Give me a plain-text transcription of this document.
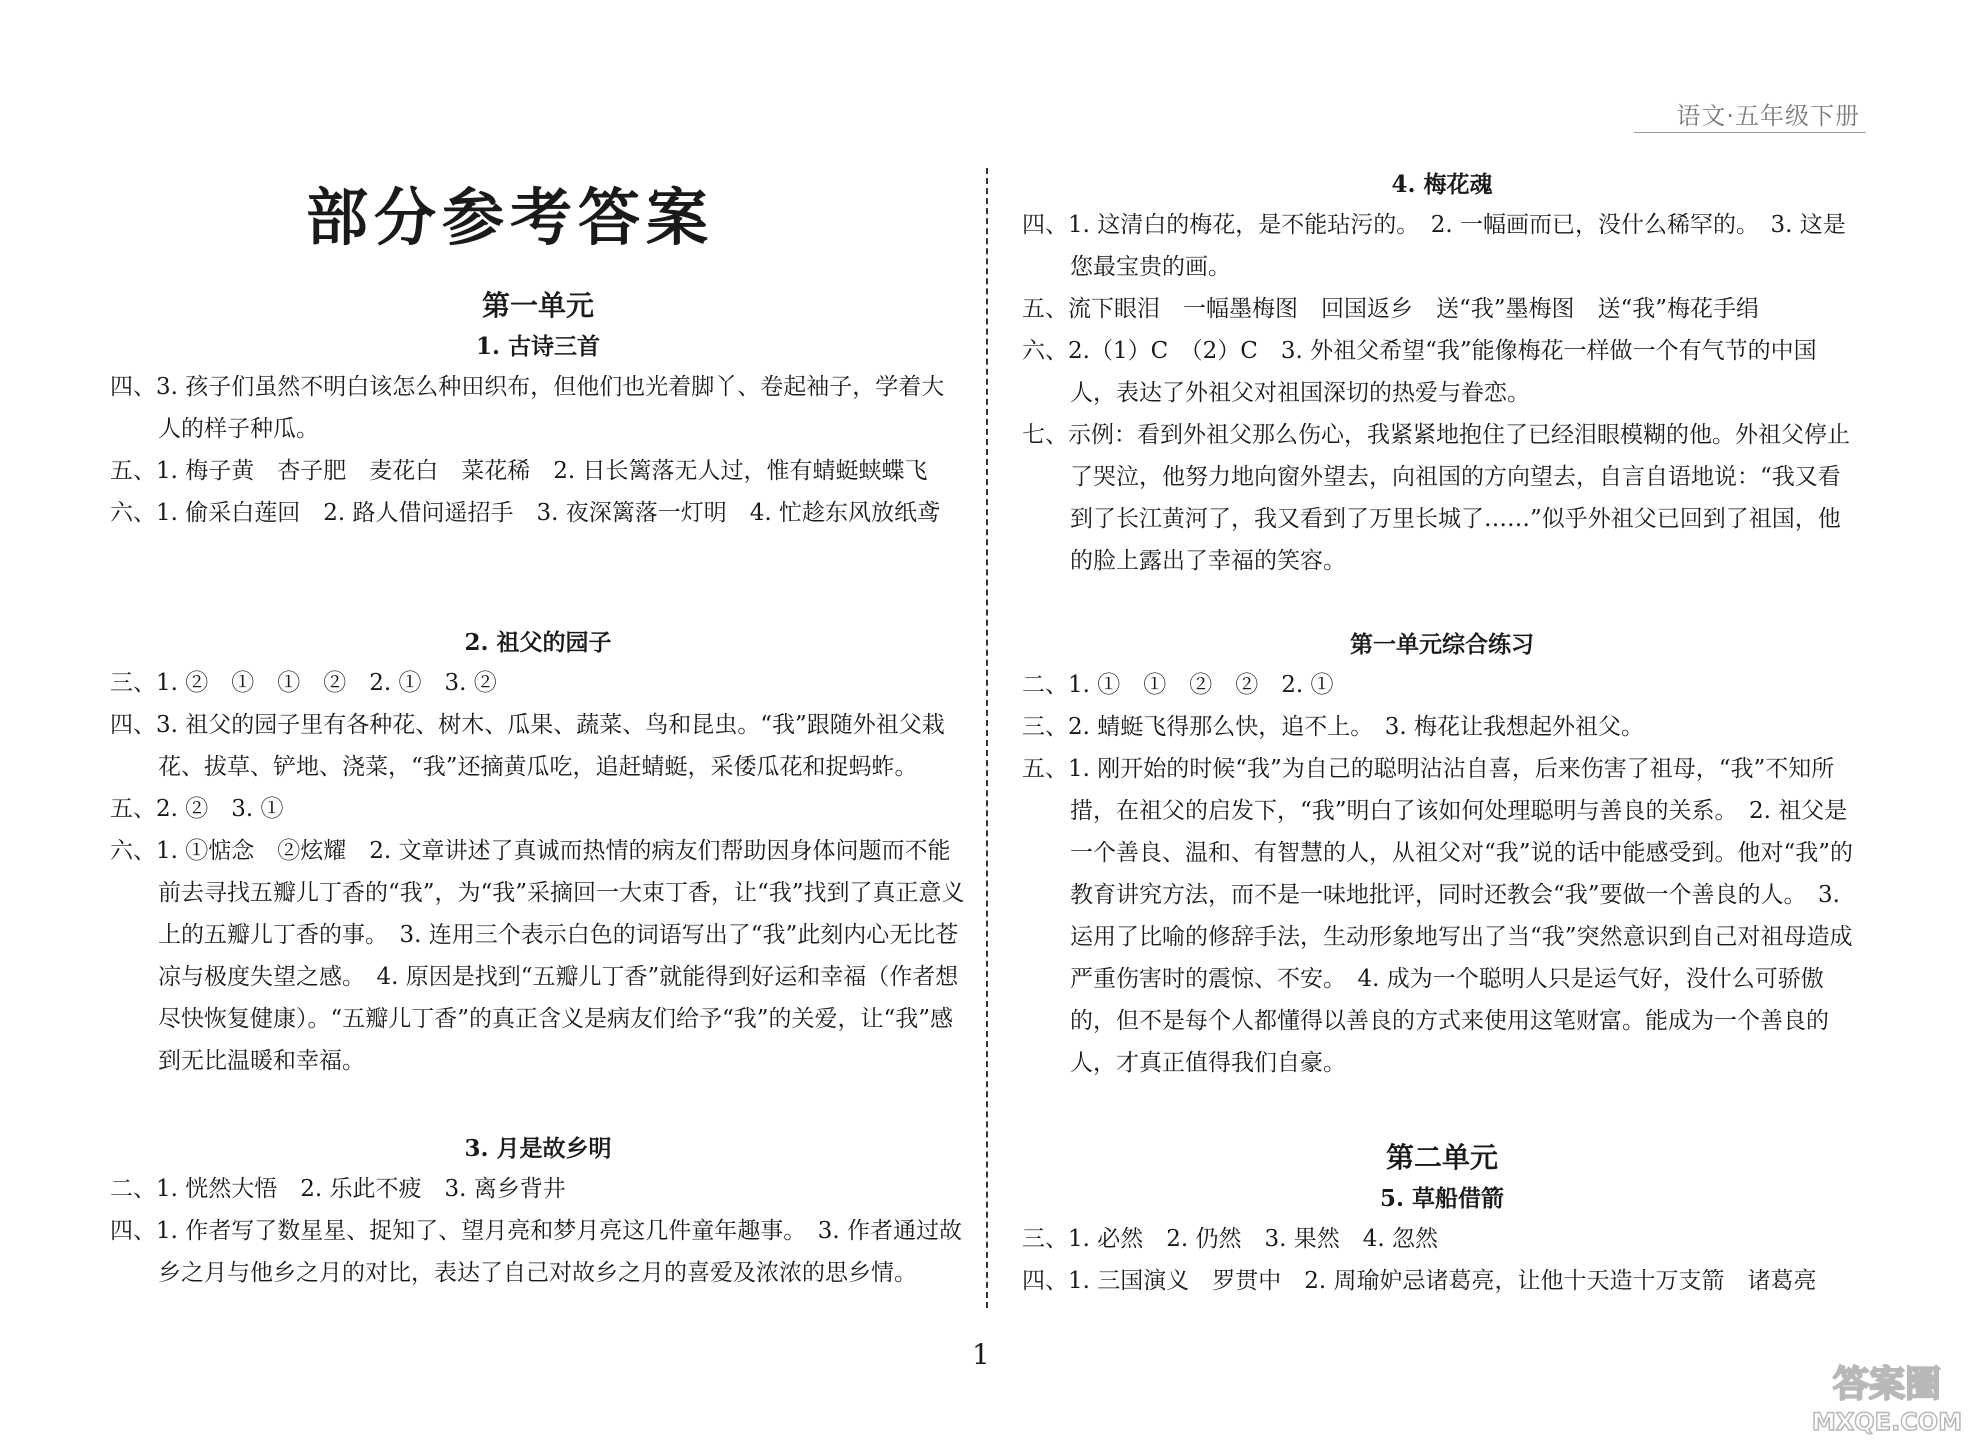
语文·五年级下册
部分参考答案
第一单元
1. 古诗三首

四、3. 孩子们虽然不明白该怎么种田织布，但他们也光着脚丫、卷起袖子，学着大人的样子种瓜。

五、1. 梅子黄　杏子肥　麦花白　菜花稀　2. 日长篱落无人过，惟有蜻蜓蛱蝶飞

六、1. 偷采白莲回　2. 路人借问遥招手　3. 夜深篱落一灯明　4. 忙趁东风放纸鸢

2. 祖父的园子

三、1. ②　①　①　②　2. ①　3. ②

四、3. 祖父的园子里有各种花、树木、瓜果、蔬菜、鸟和昆虫。“我”跟随外祖父栽花、拔草、铲地、浇菜，“我”还摘黄瓜吃，追赶蜻蜓，采倭瓜花和捉蚂蚱。

五、2. ②　3. ①

六、1. ①惦念　②炫耀　2. 文章讲述了真诚而热情的病友们帮助因身体问题而不能前去寻找五瓣儿丁香的“我”，为“我”采摘回一大束丁香，让“我”找到了真正意义上的五瓣儿丁香的事。　3. 连用三个表示白色的词语写出了“我”此刻内心无比苍凉与极度失望之感。　4. 原因是找到“五瓣儿丁香”就能得到好运和幸福（作者想尽快恢复健康）。“五瓣儿丁香”的真正含义是病友们给予“我”的关爱，让“我”感到无比温暖和幸福。

3. 月是故乡明

二、1. 恍然大悟　2. 乐此不疲　3. 离乡背井

四、1. 作者写了数星星、捉知了、望月亮和梦月亮这几件童年趣事。　3. 作者通过故乡之月与他乡之月的对比，表达了自己对故乡之月的喜爱及浓浓的思乡情。

4. 梅花魂

四、1. 这清白的梅花，是不能玷污的。　2. 一幅画而已，没什么稀罕的。　3. 这是您最宝贵的画。

五、流下眼泪　一幅墨梅图　回国返乡　送“我”墨梅图　送“我”梅花手绢

六、2.（1）C　（2）C　3. 外祖父希望“我”能像梅花一样做一个有气节的中国人，表达了外祖父对祖国深切的热爱与眷恋。

七、示例：看到外祖父那么伤心，我紧紧地抱住了已经泪眼模糊的他。外祖父停止了哭泣，他努力地向窗外望去，向祖国的方向望去，自言自语地说：“我又看到了长江黄河了，我又看到了万里长城了……”似乎外祖父已回到了祖国，他的脸上露出了幸福的笑容。

第一单元综合练习

二、1. ①　①　②　②　2. ①

三、2. 蜻蜓飞得那么快，追不上。　3. 梅花让我想起外祖父。

五、1. 刚开始的时候“我”为自己的聪明沾沾自喜，后来伤害了祖母，“我”不知所措，在祖父的启发下，“我”明白了该如何处理聪明与善良的关系。　2. 祖父是一个善良、温和、有智慧的人，从祖父对“我”说的话中能感受到。他对“我”的教育讲究方法，而不是一味地批评，同时还教会“我”要做一个善良的人。　3. 运用了比喻的修辞手法，生动形象地写出了当“我”突然意识到自己对祖母造成严重伤害时的震惊、不安。　4. 成为一个聪明人只是运气好，没什么可骄傲的，但不是每个人都懂得以善良的方式来使用这笔财富。能成为一个善良的人，才真正值得我们自豪。

第二单元
5. 草船借箭

三、1. 必然　2. 仍然　3. 果然　4. 忽然

四、1. 三国演义　罗贯中　2. 周瑜妒忌诸葛亮，让他十天造十万支箭　诸葛亮

1
答案圈
MXQE.COM
